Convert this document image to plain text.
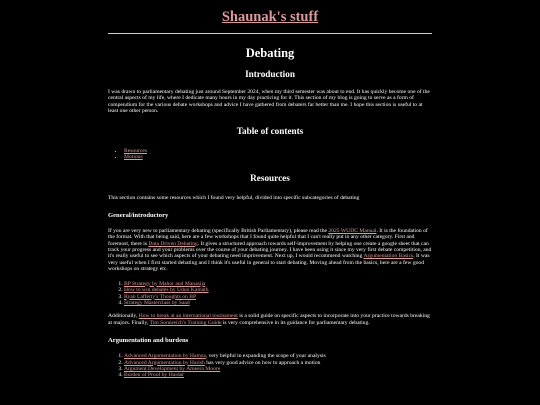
Shaunak's stuff
Debating
Introduction

I was drawn to parliamentary debating just around September 2024, when my third semester was about to end. It has quickly become one of the central aspects of my life, where I dedicate many hours in my day practicing for it. This section of my blog is going to serve as a form of compendium for the various debate workshops and advice I have gathered from debaters far better than me. I hope this section is useful to at least one other person.

Table of contents
• Resources
• Motions
Resources

This section contains some resources which I found very helpful, divided into specific subcategories of debating

General/introductory

If you are very new to parliamentary debating (specifically British Parliamentary), please read the 2025 WUDC Manual. It is the foundation of the format. With that being said, here are a few workshops that I found quite helpful that I can't really put in any other category. First and foremost, there is Data Driven Debating. It gives a structured approach towards self-improvement by helping one create a google sheet that can track your progress and your problems over the course of your debating journey. I have been using it since my very first debate competition, and it's really useful to see which aspects of your debating need improvement. Next up, I would recommend watching Argumentation Basics. It was very useful when I first started debating and I think it's useful in general to start debating. Moving ahead from the basics, here are a few good workshops on strategy etc.

1. BP Strategy by Mahor and Manasija
2. How to win debates by Uduo Kamath
3. Ryan Lafferty's Thoughts on BP
4. Strategy Masterclass by Saad

Additionally, How to break at an international tournament is a solid guide on specific aspects to incorporate into your practice towards breaking at majors. Finally, Tim Sonnreich's Training Guide is very comprehensive in its guidance for parliamentary debating.

Argumentation and burdens
1. Advanced Argumentation by Hamza, very helpful in expanding the scope of your analysis
2. Advanced Argumentation by Harish has very good advice on how to approach a motion
3. Argument Development by Ameera Moore
4. Burden of Proof by Haidar
